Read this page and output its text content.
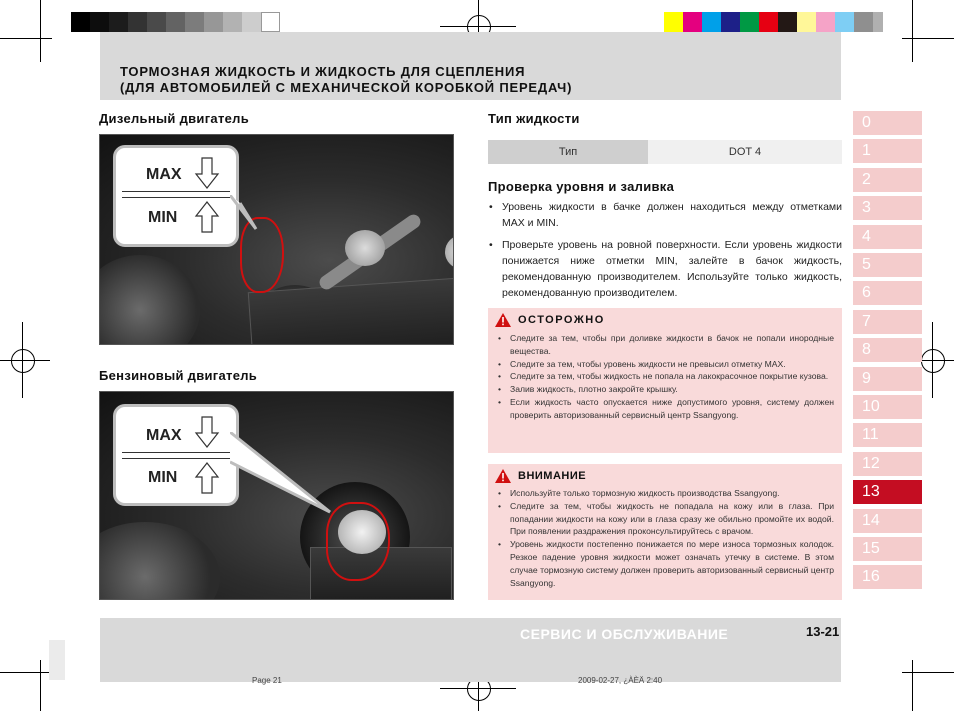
ТОРМОЗНАЯ ЖИДКОСТЬ И ЖИДКОСТЬ ДЛЯ СЦЕПЛЕНИЯ
(ДЛЯ АВТОМОБИЛЕЙ С МЕХАНИЧЕСКОЙ КОРОБКОЙ ПЕРЕДАЧ)
Дизельный двигатель
MAX
MIN
Бензиновый двигатель
MAX
MIN
Тип жидкости
Тип	DOT 4
Проверка уровня и заливка
• Уровень жидкости в бачке должен находиться между отметками MAX и MIN.
• Проверьте уровень на ровной поверхности. Если уровень жидкости понижается ниже отметки MIN, залейте в бачок жидкость, рекомендованную производителем. Используйте только жидкость, рекомендованную производителем.
ОСТОРОЖНО
• Следите за тем, чтобы при доливке жидкости в бачок не попали инородные вещества.
• Следите за тем, чтобы уровень жидкости не превысил отметку MAX.
• Следите за тем, чтобы жидкость не попала на лакокрасочное покрытие кузова.
• Залив жидкость, плотно закройте крышку.
• Если жидкость часто опускается ниже допустимого уровня, систему должен проверить авторизованный сервисный центр Ssangyong.
ВНИМАНИЕ
• Используйте только тормозную жидкость производства Ssangyong.
• Следите за тем, чтобы жидкость не попадала на кожу или в глаза. При попадании жидкости на кожу или в глаза сразу же обильно промойте их водой. При появлении раздражения проконсультируйтесь с врачом.
• Уровень жидкости постепенно понижается по мере износа тормозных колодок. Резкое падение уровня жидкости может означать утечку в системе. В этом случае тормозную систему должен проверить авторизованный сервисный центр Ssangyong.
0
1
2
3
4
5
6
7
8
9
10
11
12
13
14
15
16
СЕРВИС И ОБСЛУЖИВАНИЕ	13-21
Page 21	2009-02-27, ¿ÀÈÄ 2:40
